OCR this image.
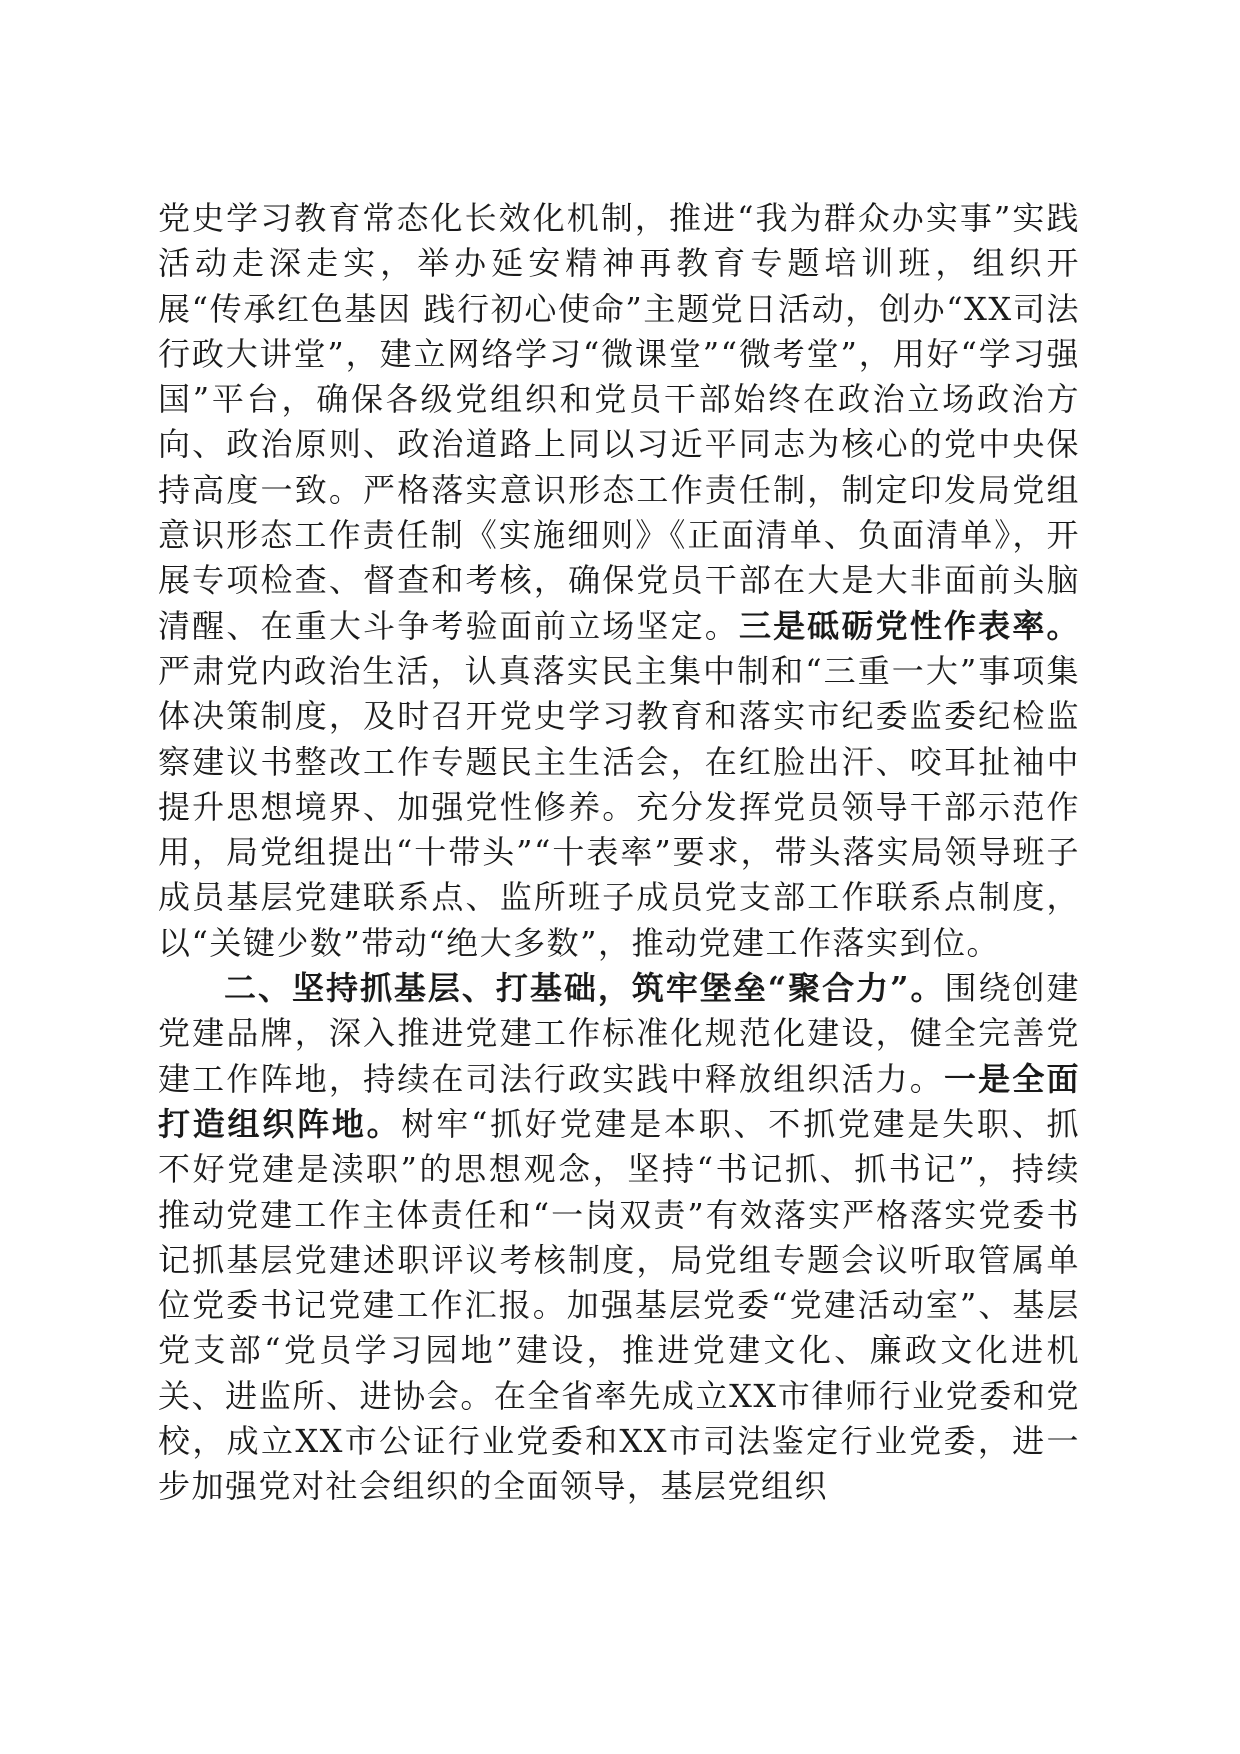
党史学习教育常态化长效化机制，推进“我为群众办实事”实践活动走深走实，举办延安精神再教育专题培训班，组织开展“传承红色基因 践行初心使命”主题党日活动，创办“XX司法行政大讲堂”，建立网络学习“微课堂”“微考堂”，用好“学习强国”平台，确保各级党组织和党员干部始终在政治立场政治方向、政治原则、政治道路上同以习近平同志为核心的党中央保持高度一致。严格落实意识形态工作责任制，制定印发局党组意识形态工作责任制《实施细则》《正面清单、负面清单》，开展专项检查、督查和考核，确保党员干部在大是大非面前头脑清醒、在重大斗争考验面前立场坚定。三是砥砺党性作表率。严肃党内政治生活，认真落实民主集中制和“三重一大”事项集体决策制度，及时召开党史学习教育和落实市纪委监委纪检监察建议书整改工作专题民主生活会，在红脸出汗、咬耳扯袖中提升思想境界、加强党性修养。充分发挥党员领导干部示范作用，局党组提出“十带头”“十表率”要求，带头落实局领导班子成员基层党建联系点、监所班子成员党支部工作联系点制度，以“关键少数”带动“绝大多数”，推动党建工作落实到位。

二、坚持抓基层、打基础，筑牢堡垒“聚合力”。围绕创建党建品牌，深入推进党建工作标准化规范化建设，健全完善党建工作阵地，持续在司法行政实践中释放组织活力。一是全面打造组织阵地。树牢“抓好党建是本职、不抓党建是失职、抓不好党建是渎职”的思想观念，坚持“书记抓、抓书记”，持续推动党建工作主体责任和“一岗双责”有效落实严格落实党委书记抓基层党建述职评议考核制度，局党组专题会议听取管属单位党委书记党建工作汇报。加强基层党委“党建活动室”、基层党支部“党员学习园地”建设，推进党建文化、廉政文化进机关、进监所、进协会。在全省率先成立XX市律师行业党委和党校，成立XX市公证行业党委和XX市司法鉴定行业党委，进一步加强党对社会组织的全面领导，基层党组织
